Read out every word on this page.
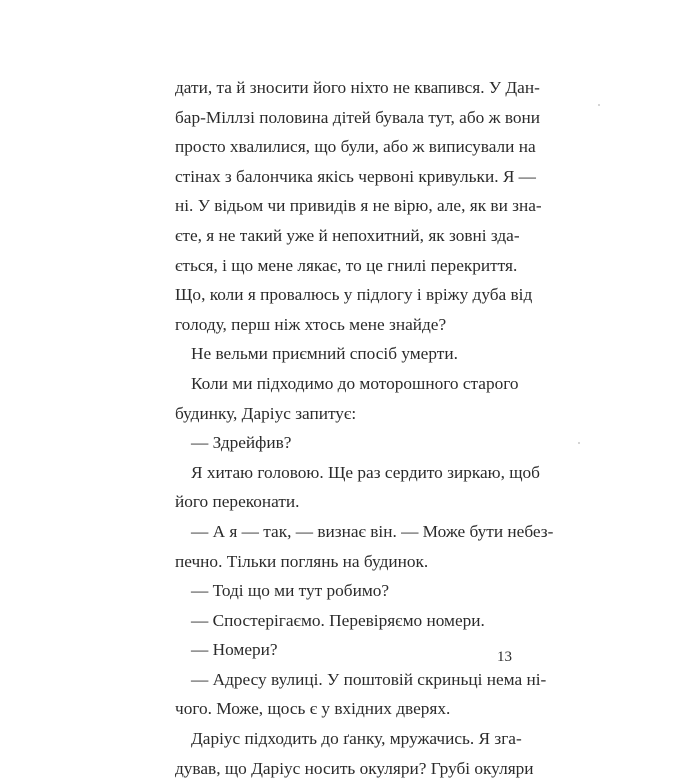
дати, та й зносити його ніхто не квапився. У Дан-
бар-Міллзі половина дітей бувала тут, або ж вони
просто хвалилися, що були, або ж виписували на
стінах з балончика якісь червоні кривульки. Я —
ні. У відьом чи привидів я не вірю, але, як ви зна-
єте, я не такий уже й непохитний, як зовні зда-
ється, і що мене лякає, то це гнилі перекриття.
Що, коли я провалюсь у підлогу і вріжу дуба від
голоду, перш ніж хтось мене знайде?
Не вельми приємний спосіб умерти.
Коли ми підходимо до моторошного старого
будинку, Даріус запитує:
— Здрейфив?
Я хитаю головою. Ще раз сердито зиркаю, щоб
його переконати.
— А я — так, — визнає він. — Може бути небез-
печно. Тільки поглянь на будинок.
— Тоді що ми тут робимо?
— Спостерігаємо. Перевіряємо номери.
— Номери?
— Адресу вулиці. У поштовій скриньці нема ні-
чого. Може, щось є у вхідних дверях.
Даріус підходить до ґанку, мружачись. Я зга-
дував, що Даріус носить окуляри? Грубі окуляри
13
